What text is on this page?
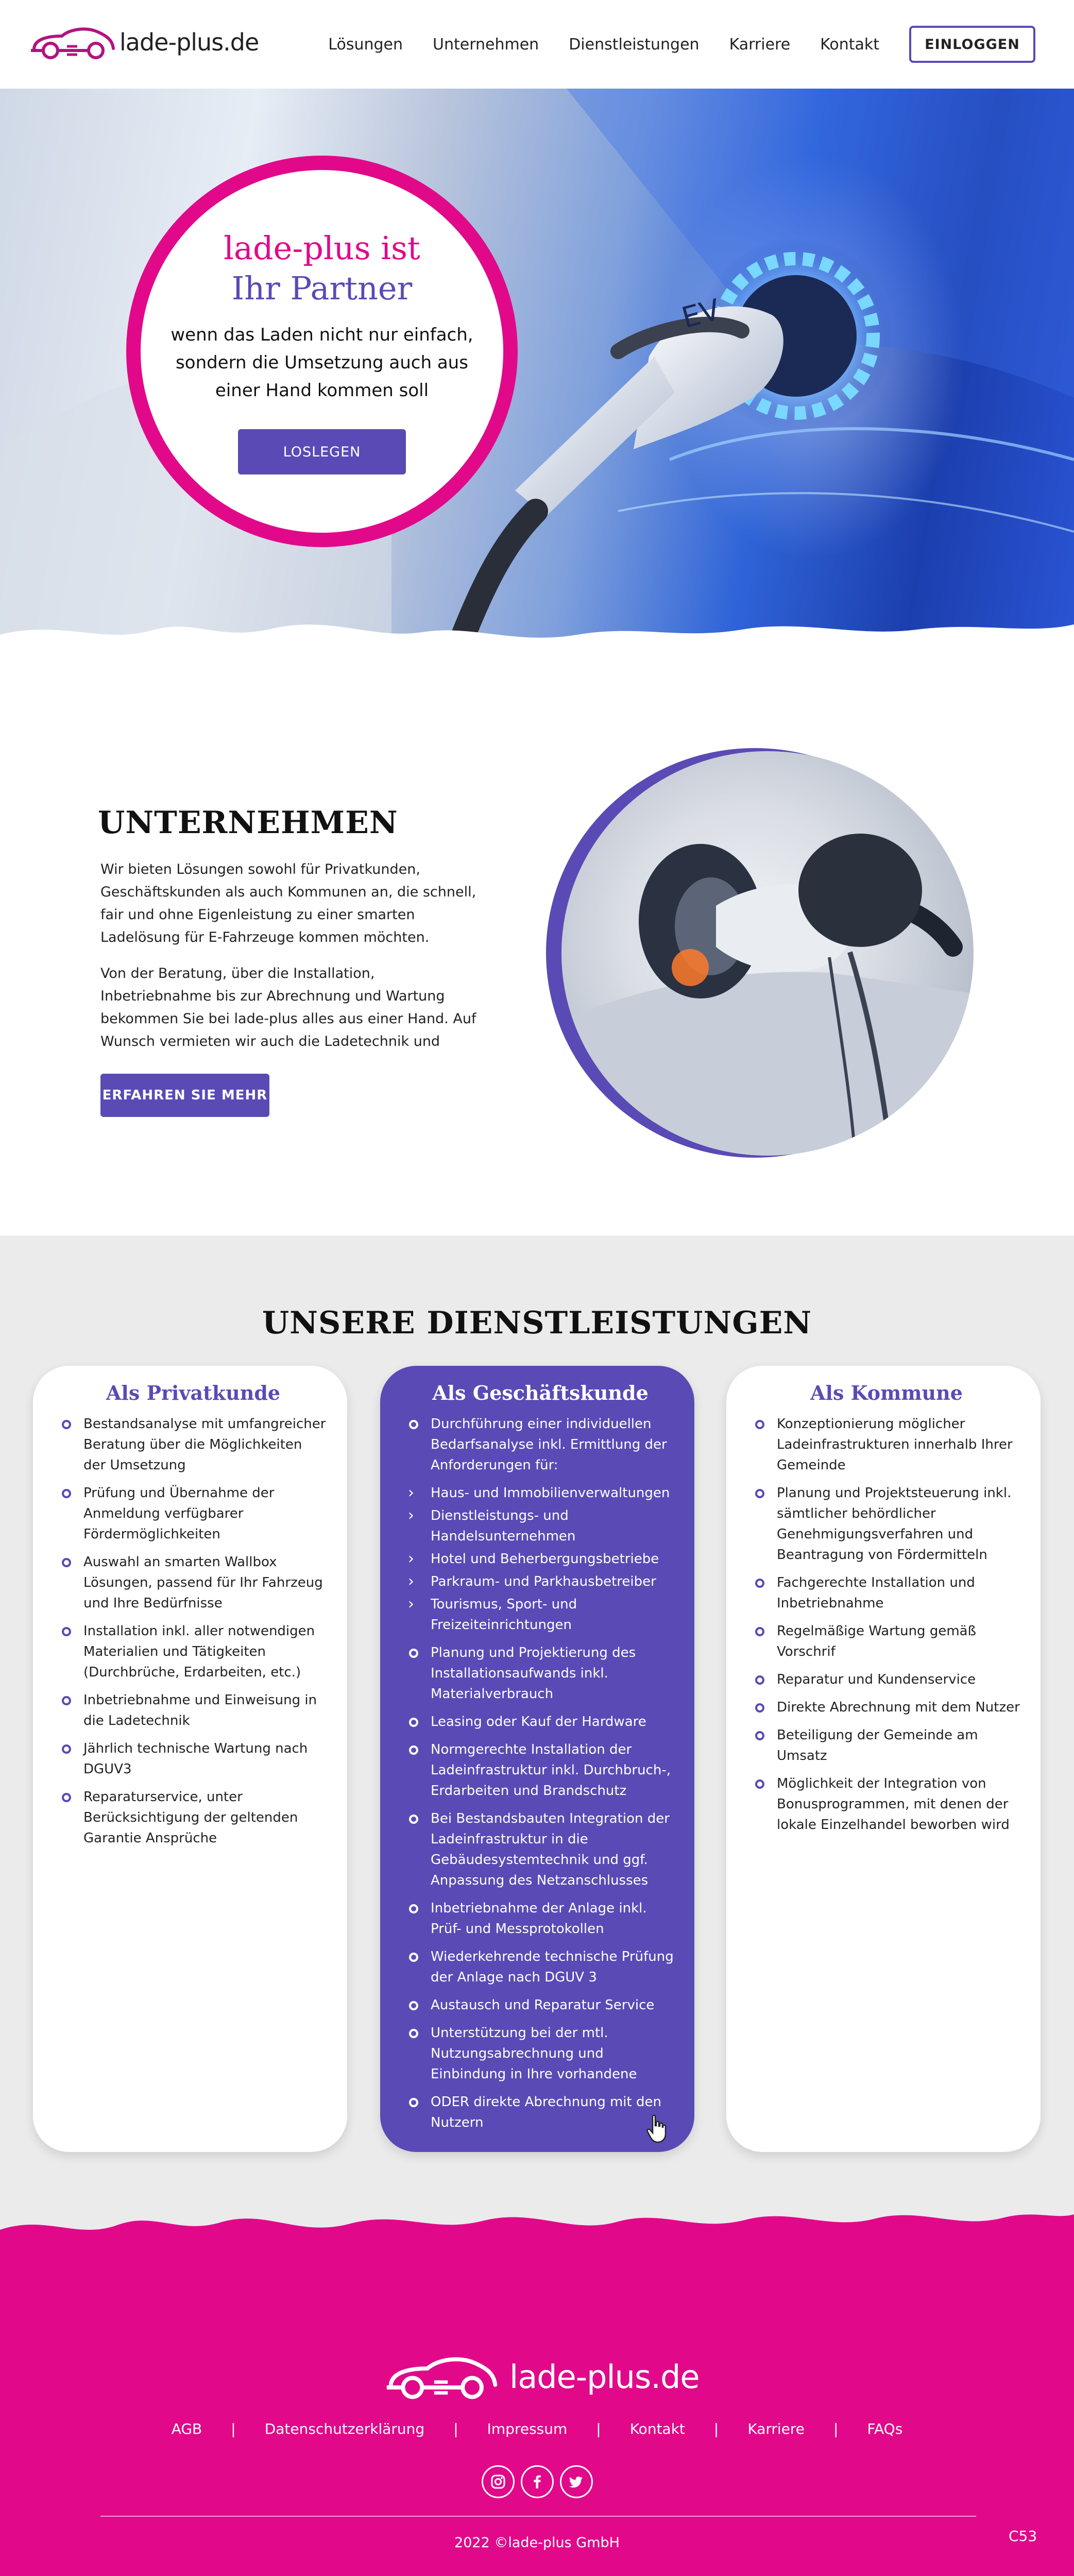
lade-plus.de	Lösungen Unternehmen Dienstleistungen Karriere Kontakt	EINLOGGEN
EV
lade-plus ist
Ihr Partner
wenn das Laden nicht nur einfach, sondern die Umsetzung auch aus einer Hand kommen soll
LOSLEGEN
UNTERNEHMEN

Wir bieten Lösungen sowohl für Privatkunden, Geschäftskunden als auch Kommunen an, die schnell, fair und ohne Eigenleistung zu einer smarten Ladelösung für E-Fahrzeuge kommen möchten.

Von der Beratung, über die Installation, Inbetriebnahme bis zur Abrechnung und Wartung bekommen Sie bei lade-plus alles aus einer Hand. Auf Wunsch vermieten wir auch die Ladetechnik und

ERFAHREN SIE MEHR
UNSERE DIENSTLEISTUNGEN
Als Privatkunde
Bestandsanalyse mit umfangreicher Beratung über die Möglichkeiten der Umsetzung
Prüfung und Übernahme der Anmeldung verfügbarer Fördermöglichkeiten
Auswahl an smarten Wallbox Lösungen, passend für Ihr Fahrzeug und Ihre Bedürfnisse
Installation inkl. aller notwendigen Materialien und Tätigkeiten (Durchbrüche, Erdarbeiten, etc.)
Inbetriebnahme und Einweisung in die Ladetechnik
Jährlich technische Wartung nach DGUV3
Reparaturservice, unter Berücksichtigung der geltenden Garantie Ansprüche
Als Geschäftskunde
Durchführung einer individuellen Bedarfsanalyse inkl. Ermittlung der Anforderungen für:
› Haus- und Immobilienverwaltungen
› Dienstleistungs- und Handelsunternehmen
› Hotel und Beherbergungsbetriebe
› Parkraum- und Parkhausbetreiber
› Tourismus, Sport- und Freizeiteinrichtungen
Planung und Projektierung des Installationsaufwands inkl. Materialverbrauch
Leasing oder Kauf der Hardware
Normgerechte Installation der Ladeinfrastruktur inkl. Durchbruch-, Erdarbeiten und Brandschutz
Bei Bestandsbauten Integration der Ladeinfrastruktur in die Gebäudesystemtechnik und ggf. Anpassung des Netzanschlusses
Inbetriebnahme der Anlage inkl. Prüf- und Messprotokollen
Wiederkehrende technische Prüfung der Anlage nach DGUV 3
Austausch und Reparatur Service
Unterstützung bei der mtl. Nutzungsabrechnung und Einbindung in Ihre vorhandene
ODER direkte Abrechnung mit den Nutzern
Als Kommune
Konzeptionierung möglicher Ladeinfrastrukturen innerhalb Ihrer Gemeinde
Planung und Projektsteuerung inkl. sämtlicher behördlicher Genehmigungsverfahren und Beantragung von Fördermitteln
Fachgerechte Installation und Inbetriebnahme
Regelmäßige Wartung gemäß Vorschrif
Reparatur und Kundenservice
Direkte Abrechnung mit dem Nutzer
Beteiligung der Gemeinde am Umsatz
Möglichkeit der Integration von Bonusprogrammen, mit denen der lokale Einzelhandel beworben wird
lade-plus.de
AGB | Datenschutzerklärung | Impressum | Kontakt | Karriere | FAQs
2022 ©lade-plus GmbH	C53
